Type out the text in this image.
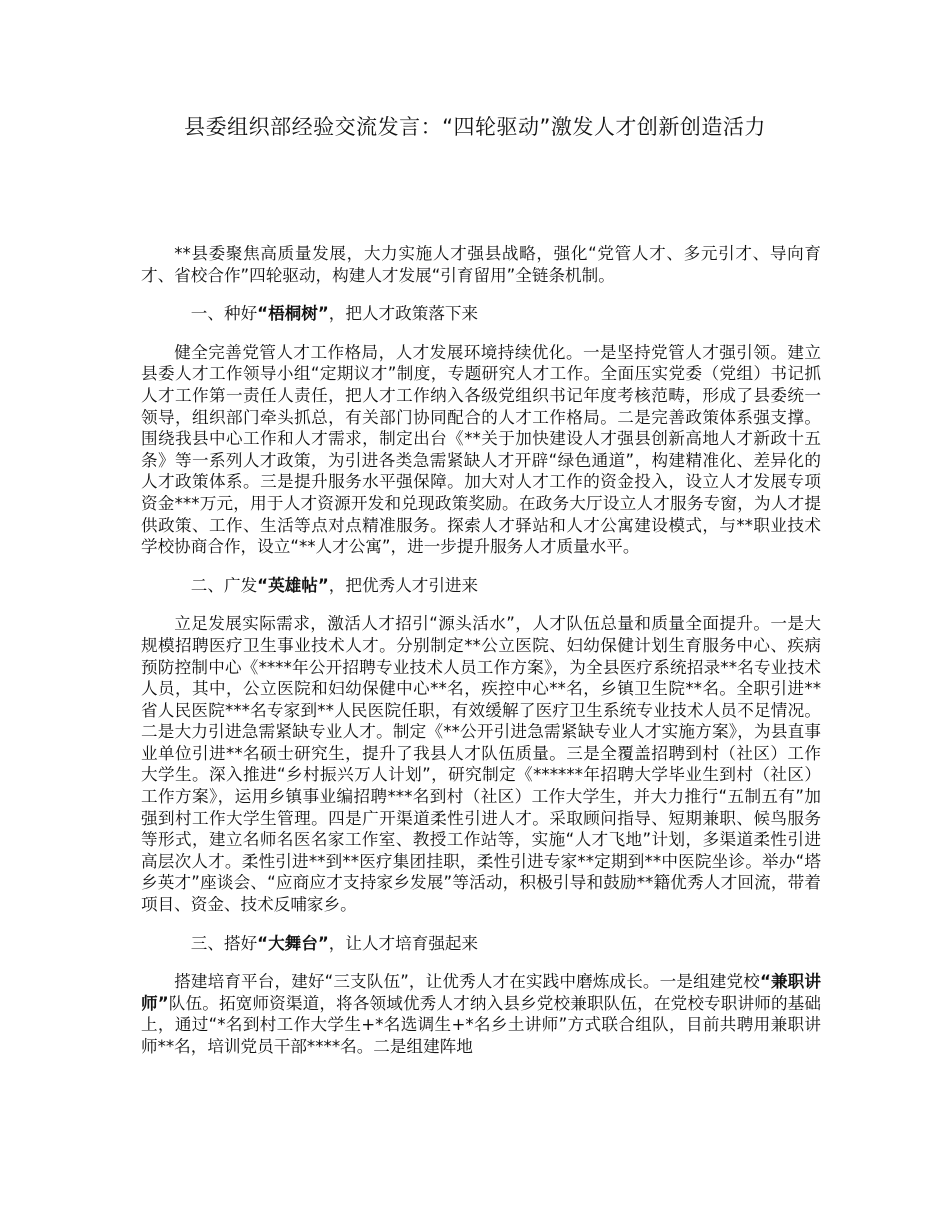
县委组织部经验交流发言：“四轮驱动”激发人才创新创造活力

**县委聚焦高质量发展，大力实施人才强县战略，强化“党管人才、多元引才、导向育才、省校合作”四轮驱动，构建人才发展“引育留用”全链条机制。

一、种好“梧桐树”，把人才政策落下来

健全完善党管人才工作格局，人才发展环境持续优化。一是坚持党管人才强引领。建立县委人才工作领导小组“定期议才”制度，专题研究人才工作。全面压实党委（党组）书记抓人才工作第一责任人责任，把人才工作纳入各级党组织书记年度考核范畴，形成了县委统一领导，组织部门牵头抓总，有关部门协同配合的人才工作格局。二是完善政策体系强支撑。围绕我县中心工作和人才需求，制定出台《**关于加快建设人才强县创新高地人才新政十五条》等一系列人才政策，为引进各类急需紧缺人才开辟“绿色通道”，构建精准化、差异化的人才政策体系。三是提升服务水平强保障。加大对人才工作的资金投入，设立人才发展专项资金***万元，用于人才资源开发和兑现政策奖励。在政务大厅设立人才服务专窗，为人才提供政策、工作、生活等点对点精准服务。探索人才驿站和人才公寓建设模式，与**职业技术学校协商合作，设立“**人才公寓”，进一步提升服务人才质量水平。

二、广发“英雄帖”，把优秀人才引进来

立足发展实际需求，激活人才招引“源头活水”，人才队伍总量和质量全面提升。一是大规模招聘医疗卫生事业技术人才。分别制定**公立医院、妇幼保健计划生育服务中心、疾病预防控制中心《****年公开招聘专业技术人员工作方案》，为全县医疗系统招录**名专业技术人员，其中，公立医院和妇幼保健中心**名，疾控中心**名，乡镇卫生院**名。全职引进**省人民医院***名专家到**人民医院任职，有效缓解了医疗卫生系统专业技术人员不足情况。二是大力引进急需紧缺专业人才。制定《**公开引进急需紧缺专业人才实施方案》，为县直事业单位引进**名硕士研究生，提升了我县人才队伍质量。三是全覆盖招聘到村（社区）工作大学生。深入推进“乡村振兴万人计划”，研究制定《******年招聘大学毕业生到村（社区）工作方案》，运用乡镇事业编招聘***名到村（社区）工作大学生，并大力推行“五制五有”加强到村工作大学生管理。四是广开渠道柔性引进人才。采取顾问指导、短期兼职、候鸟服务等形式，建立名师名医名家工作室、教授工作站等，实施“人才飞地”计划，多渠道柔性引进高层次人才。柔性引进**到**医疗集团挂职，柔性引进专家**定期到**中医院坐诊。举办“塔乡英才”座谈会、“应商应才支持家乡发展”等活动，积极引导和鼓励**籍优秀人才回流，带着项目、资金、技术反哺家乡。

三、搭好“大舞台”，让人才培育强起来

搭建培育平台，建好“三支队伍”，让优秀人才在实践中磨炼成长。一是组建党校“兼职讲师”队伍。拓宽师资渠道，将各领域优秀人才纳入县乡党校兼职队伍，在党校专职讲师的基础上，通过“*名到村工作大学生+*名选调生+*名乡土讲师”方式联合组队，目前共聘用兼职讲师**名，培训党员干部****名。二是组建阵地
